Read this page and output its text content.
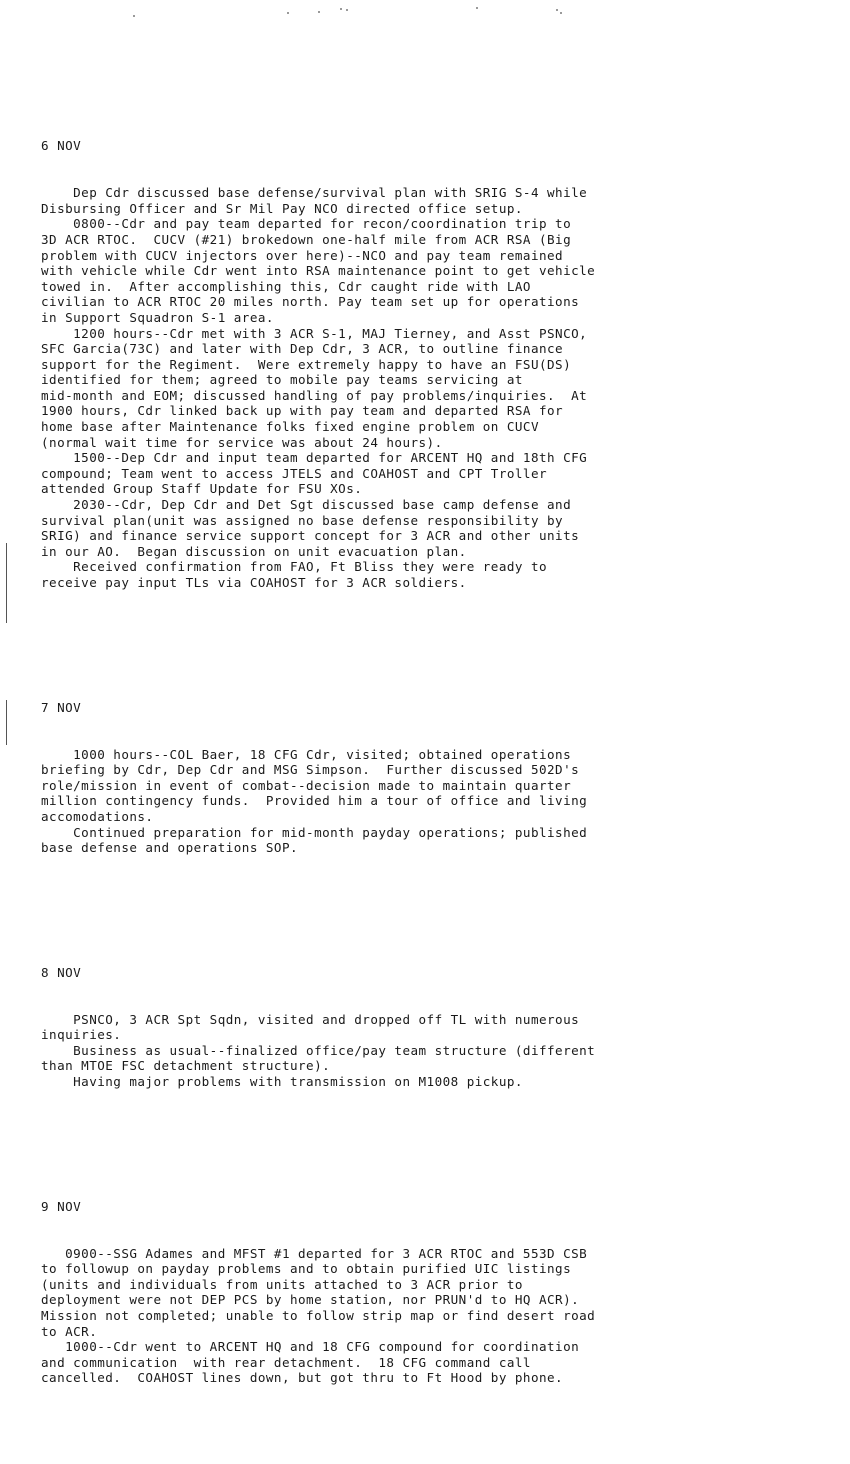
6 NOV

Dep Cdr discussed base defense/survival plan with SRIG S-4 while
Disbursing Officer and Sr Mil Pay NCO directed office setup.
0800--Cdr and pay team departed for recon/coordination trip to
3D ACR RTOC.  CUCV (#21) brokedown one-half mile from ACR RSA (Big
problem with CUCV injectors over here)--NCO and pay team remained
with vehicle while Cdr went into RSA maintenance point to get vehicle
towed in.  After accomplishing this, Cdr caught ride with LAO
civilian to ACR RTOC 20 miles north. Pay team set up for operations
in Support Squadron S-1 area.
1200 hours--Cdr met with 3 ACR S-1, MAJ Tierney, and Asst PSNCO,
SFC Garcia(73C) and later with Dep Cdr, 3 ACR, to outline finance
support for the Regiment.  Were extremely happy to have an FSU(DS)
identified for them; agreed to mobile pay teams servicing at
mid-month and EOM; discussed handling of pay problems/inquiries.  At
1900 hours, Cdr linked back up with pay team and departed RSA for
home base after Maintenance folks fixed engine problem on CUCV
(normal wait time for service was about 24 hours).
1500--Dep Cdr and input team departed for ARCENT HQ and 18th CFG
compound; Team went to access JTELS and COAHOST and CPT Troller
attended Group Staff Update for FSU XOs.
2030--Cdr, Dep Cdr and Det Sgt discussed base camp defense and
survival plan(unit was assigned no base defense responsibility by
SRIG) and finance service support concept for 3 ACR and other units
in our AO.  Began discussion on unit evacuation plan.
Received confirmation from FAO, Ft Bliss they were ready to
receive pay input TLs via COAHOST for 3 ACR soldiers.

7 NOV

1000 hours--COL Baer, 18 CFG Cdr, visited; obtained operations
briefing by Cdr, Dep Cdr and MSG Simpson.  Further discussed 502D's
role/mission in event of combat--decision made to maintain quarter
million contingency funds.  Provided him a tour of office and living
accomodations.
Continued preparation for mid-month payday operations; published
base defense and operations SOP.

8 NOV

PSNCO, 3 ACR Spt Sqdn, visited and dropped off TL with numerous
inquiries.
Business as usual--finalized office/pay team structure (different
than MTOE FSC detachment structure).
Having major problems with transmission on M1008 pickup.

9 NOV

0900--SSG Adames and MFST #1 departed for 3 ACR RTOC and 553D CSB
to followup on payday problems and to obtain purified UIC listings
(units and individuals from units attached to 3 ACR prior to
deployment were not DEP PCS by home station, nor PRUN'd to HQ ACR).
Mission not completed; unable to follow strip map or find desert road
to ACR.
1000--Cdr went to ARCENT HQ and 18 CFG compound for coordination
and communication  with rear detachment.  18 CFG command call
cancelled.  COAHOST lines down, but got thru to Ft Hood by phone.
